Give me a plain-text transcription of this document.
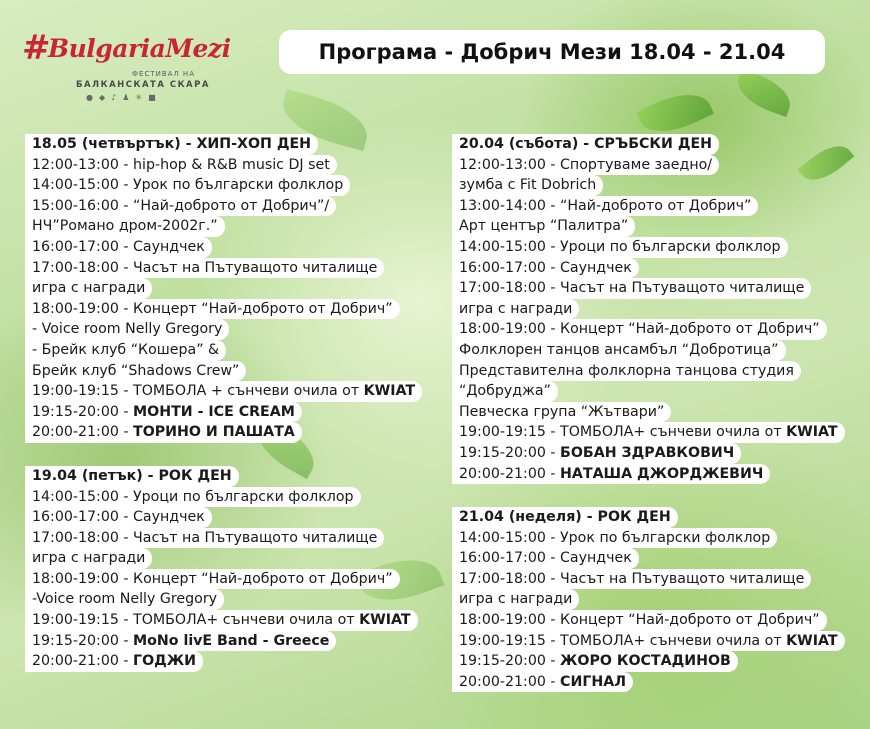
#
BulgariaMezi
ФЕСТИВАЛ НА
БАЛКАНСКАТА СКАРА
●◆♪♟✳■
Програма - Добрич Мези 18.04 - 21.04
18.05 (четвъртък) - ХИП-ХОП ДЕН
12:00-13:00 - hip-hop & R&B music DJ set
14:00-15:00 - Урок по български фолклор
15:00-16:00 - “Най-доброто от Добрич”/
НЧ”Романо дром-2002г.”
16:00-17:00 - Саундчек
17:00-18:00 - Часът на Пътуващото читалище
игра с награди
18:00-19:00 - Концерт “Най-доброто от Добрич”
- Voice room Nelly Gregory
- Брейк клуб “Кошера” &
Брейк клуб “Shadows Crew”
19:00-19:15 - ТОМБОЛА + сънчеви очила от KWIAT
19:15-20:00 - МОНТИ - ICE CREAM
20:00-21:00 - ТОРИНО И ПАШАТА
19.04 (петък) - РОК ДЕН
14:00-15:00 - Уроци по български фолклор
16:00-17:00 - Саундчек
17:00-18:00 - Часът на Пътуващото читалище
игра с награди
18:00-19:00 - Концерт “Най-доброто от Добрич”
-Voice room Nelly Gregory
19:00-19:15 - ТОМБОЛА+ сънчеви очила от KWIAT
19:15-20:00 - MoNo livE Band - Greece
20:00-21:00 - ГОДЖИ
20.04 (събота) - СРЪБСКИ ДЕН
12:00-13:00 - Спортуваме заедно/
зумба с Fit Dobrich
13:00-14:00 - “Най-доброто от Добрич”
Арт център “Палитра”
14:00-15:00 - Уроци по български фолклор
16:00-17:00 - Саундчек
17:00-18:00 - Часът на Пътуващото читалище
игра с награди
18:00-19:00 - Концерт “Най-доброто от Добрич”
Фолклорен танцов ансамбъл “Добротица”
Представителна фолклорна танцова студия
“Добруджа”
Певческа група “Жътвари”
19:00-19:15 - ТОМБОЛА+ сънчеви очила от KWIAT
19:15-20:00 - БОБАН ЗДРАВКОВИЧ
20:00-21:00 - НАТАША ДЖОРДЖЕВИЧ
21.04 (неделя) - РОК ДЕН
14:00-15:00 - Урок по български фолклор
16:00-17:00 - Саундчек
17:00-18:00 - Часът на Пътуващото читалище
игра с награди
18:00-19:00 - Концерт “Най-доброто от Добрич”
19:00-19:15 - ТОМБОЛА+ сънчеви очила от KWIAT
19:15-20:00 - ЖОРО КОСТАДИНОВ
20:00-21:00 - СИГНАЛ
